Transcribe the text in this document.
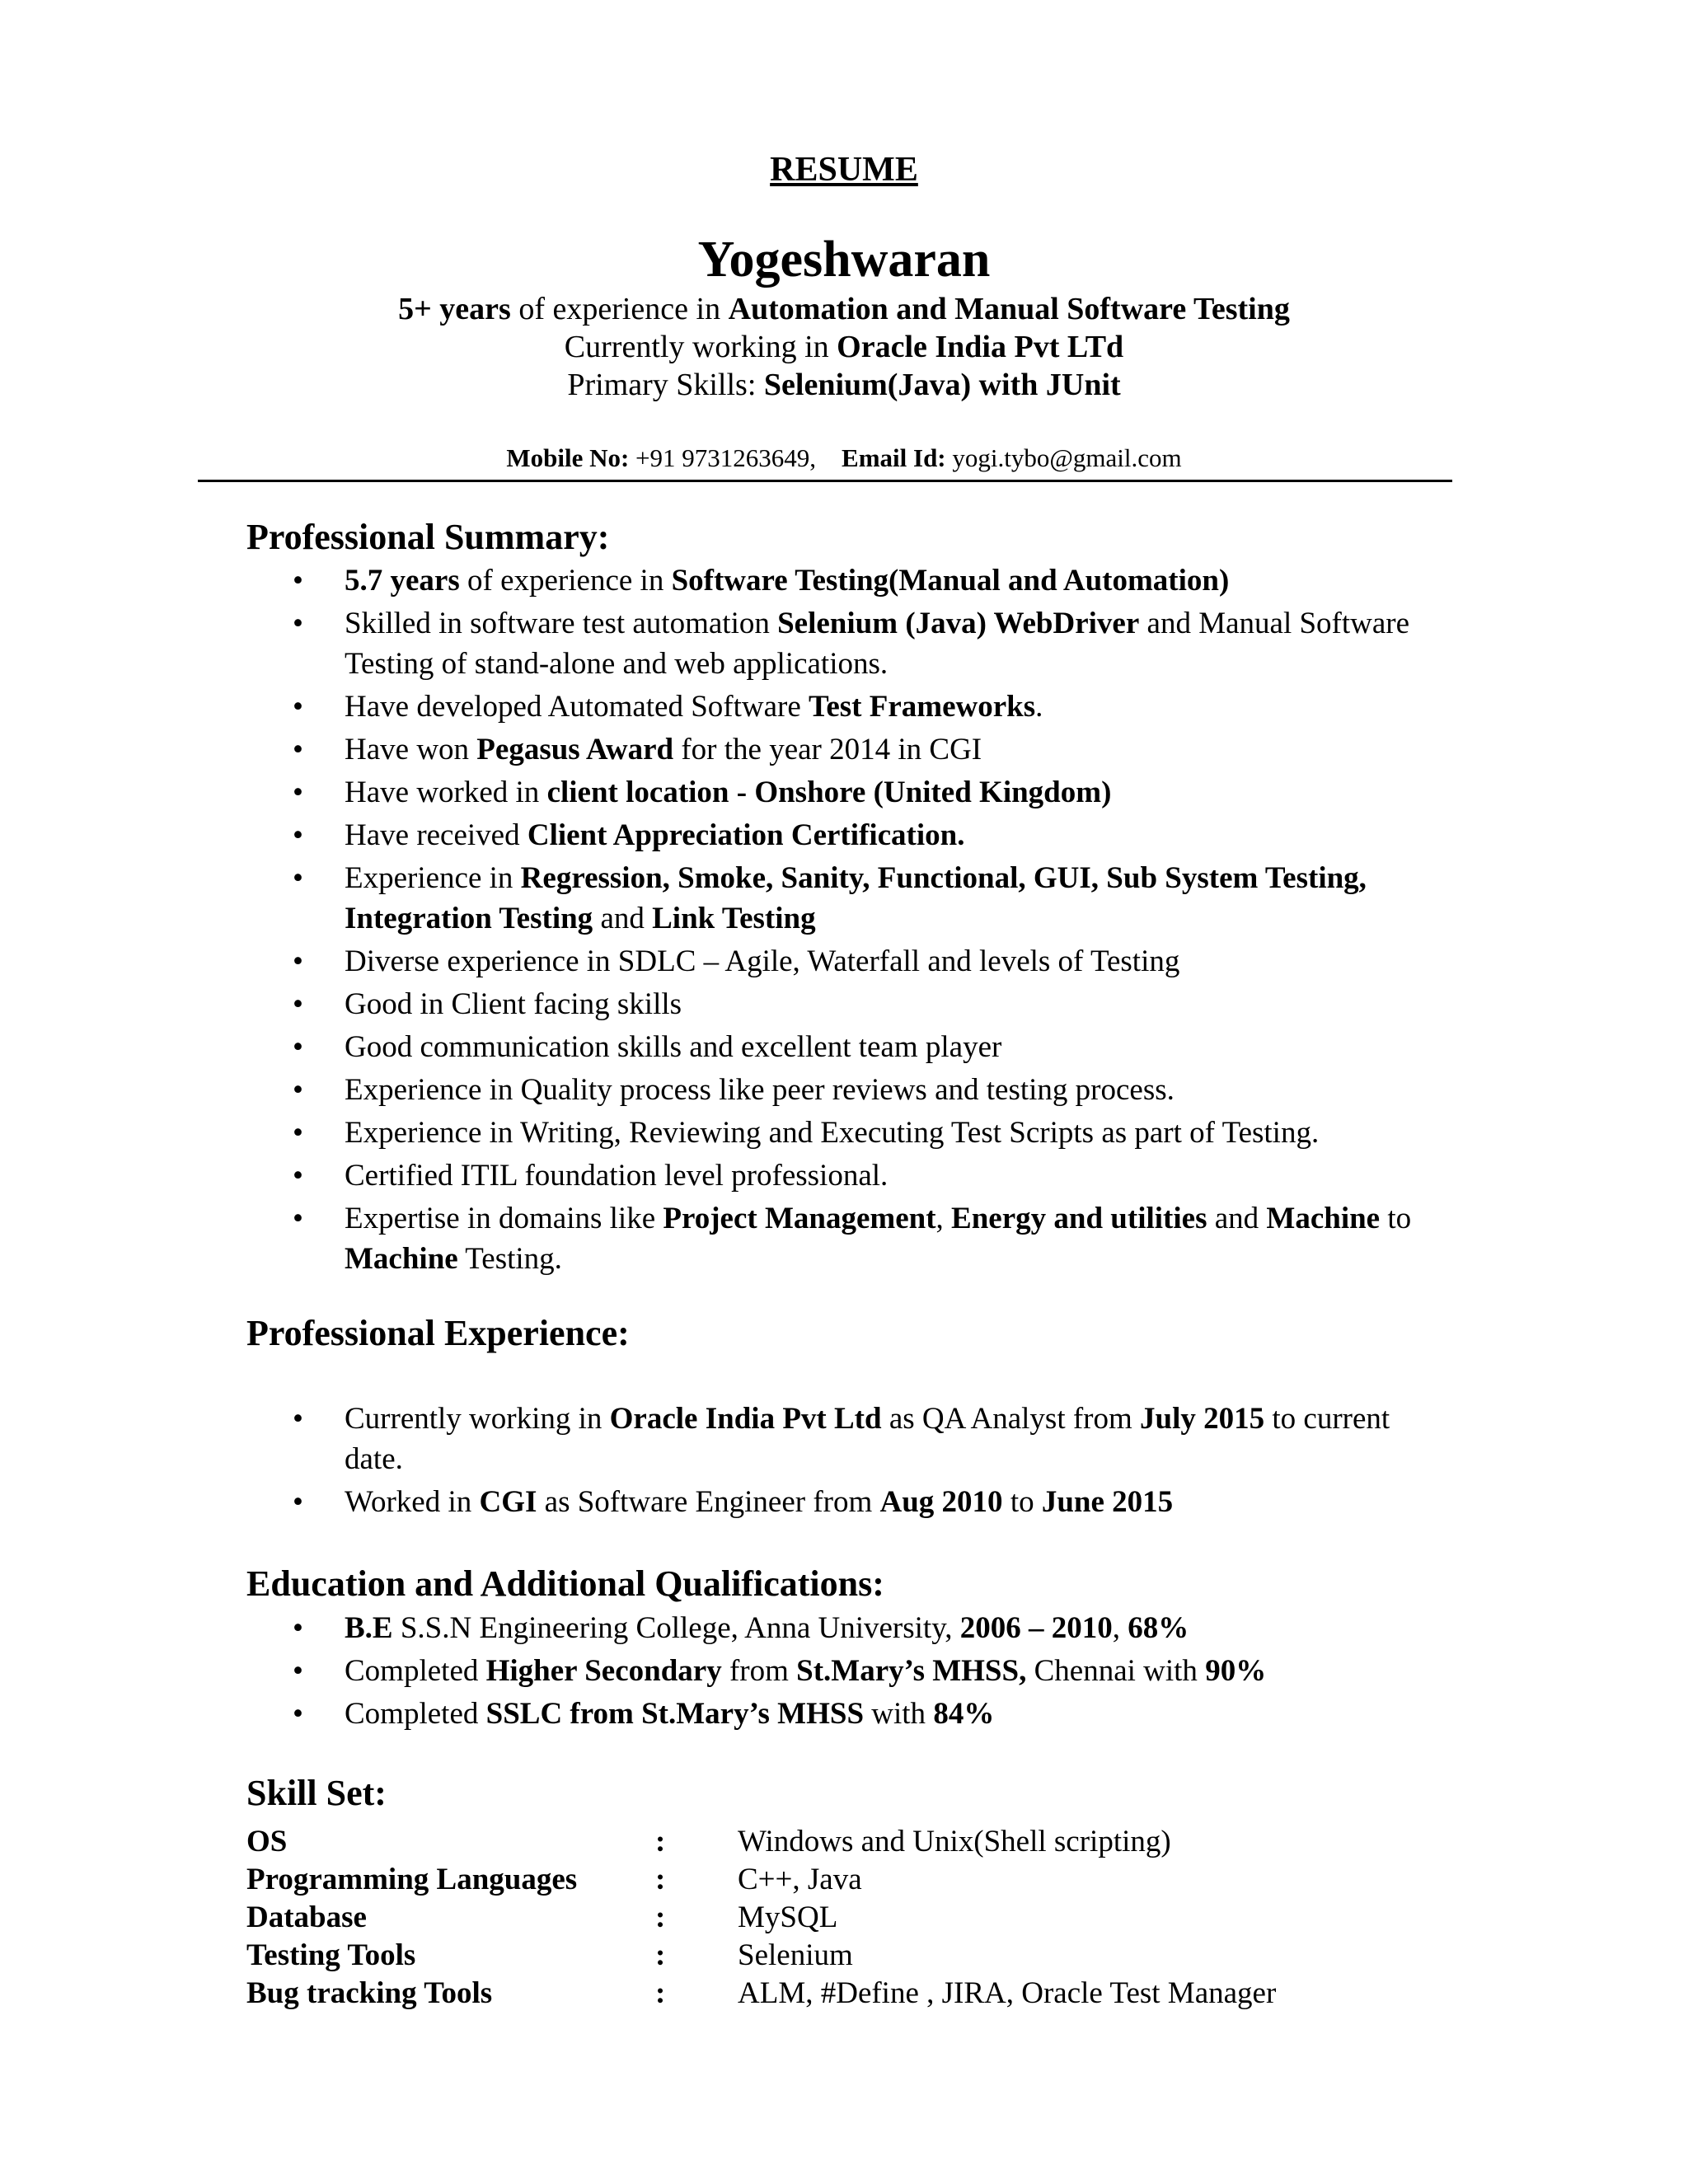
RESUME
Yogeshwaran
5+ years of experience in Automation and Manual Software Testing
Currently working in Oracle India Pvt LTd
Primary Skills: Selenium(Java) with JUnit
Mobile No: +91 9731263649, Email Id: yogi.tybo@gmail.com
Professional Summary:
• 5.7 years of experience in Software Testing(Manual and Automation)
• Skilled in software test automation Selenium (Java) WebDriver and Manual Software Testing of stand-alone and web applications.
• Have developed Automated Software Test Frameworks.
• Have won Pegasus Award for the year 2014 in CGI
• Have worked in client location - Onshore (United Kingdom)
• Have received Client Appreciation Certification.
• Experience in Regression, Smoke, Sanity, Functional, GUI, Sub System Testing, Integration Testing and Link Testing
• Diverse experience in SDLC – Agile, Waterfall and levels of Testing
• Good in Client facing skills
• Good communication skills and excellent team player
• Experience in Quality process like peer reviews and testing process.
• Experience in Writing, Reviewing and Executing Test Scripts as part of Testing.
• Certified ITIL foundation level professional.
• Expertise in domains like Project Management, Energy and utilities and Machine to Machine Testing.
Professional Experience:
• Currently working in Oracle India Pvt Ltd as QA Analyst from July 2015 to current date.
• Worked in CGI as Software Engineer from Aug 2010 to June 2015
Education and Additional Qualifications:
• B.E S.S.N Engineering College, Anna University, 2006 – 2010, 68%
• Completed Higher Secondary from St.Mary’s MHSS, Chennai with 90%
• Completed SSLC from St.Mary’s MHSS with 84%
Skill Set:
OS	: Windows and Unix(Shell scripting)
Programming Languages	: C++, Java
Database	: MySQL
Testing Tools	: Selenium
Bug tracking Tools	: ALM, #Define , JIRA, Oracle Test Manager
